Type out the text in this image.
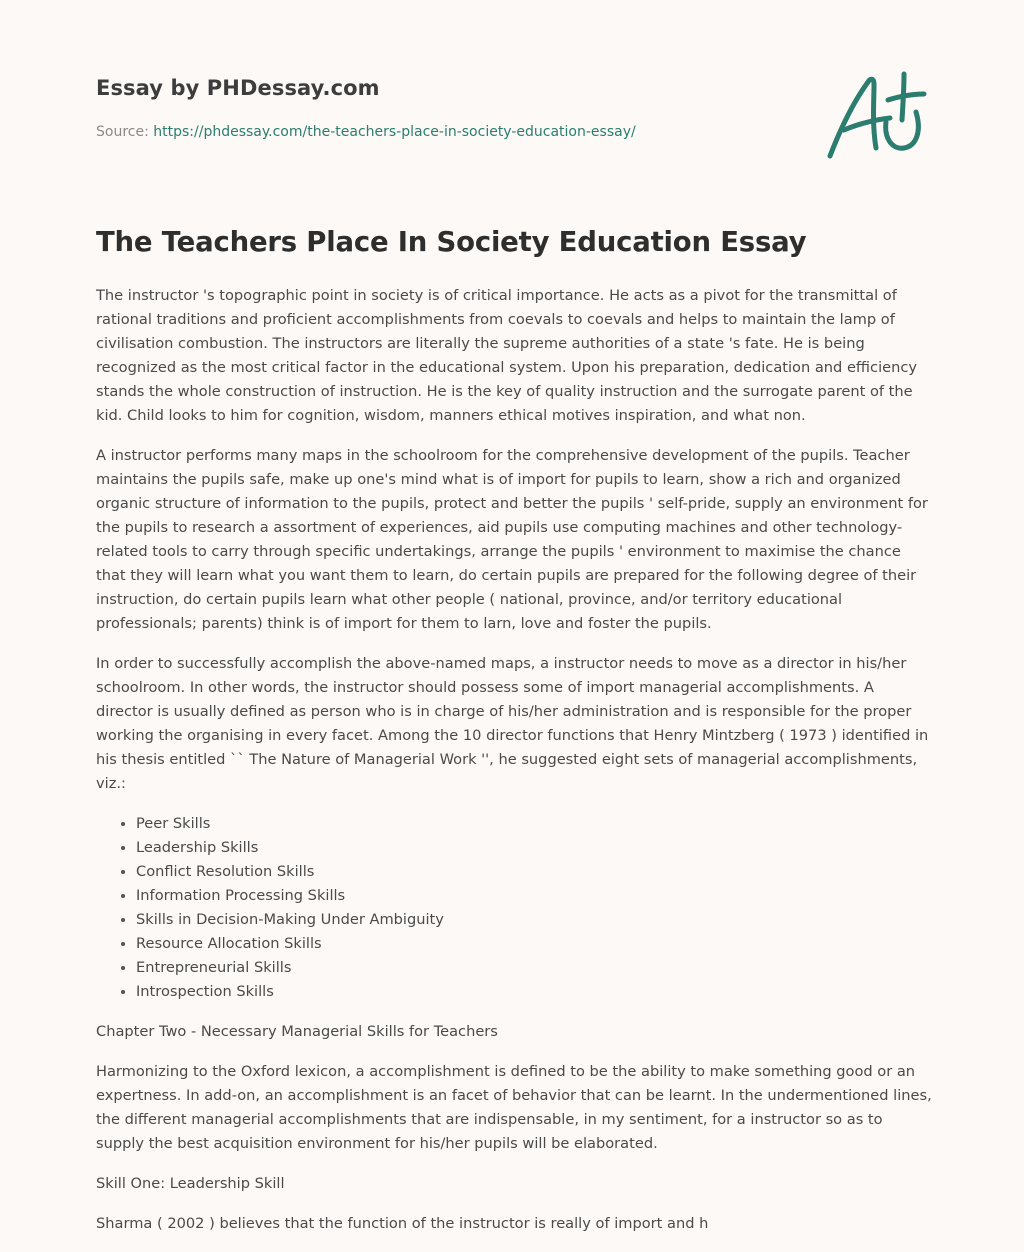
Essay by PHDessay.com

Source: https://phdessay.com/the-teachers-place-in-society-education-essay/

The Teachers Place In Society Education Essay

The instructor 's topographic point in society is of critical importance. He acts as a pivot for the transmittal of rational traditions and proficient accomplishments from coevals to coevals and helps to maintain the lamp of civilisation combustion. The instructors are literally the supreme authorities of a state 's fate. He is being recognized as the most critical factor in the educational system. Upon his preparation, dedication and efficiency stands the whole construction of instruction. He is the key of quality instruction and the surrogate parent of the kid. Child looks to him for cognition, wisdom, manners ethical motives inspiration, and what non.

A instructor performs many maps in the schoolroom for the comprehensive development of the pupils. Teacher maintains the pupils safe, make up one's mind what is of import for pupils to learn, show a rich and organized organic structure of information to the pupils, protect and better the pupils ' self-pride, supply an environment for the pupils to research a assortment of experiences, aid pupils use computing machines and other technology-related tools to carry through specific undertakings, arrange the pupils ' environment to maximise the chance that they will learn what you want them to learn, do certain pupils are prepared for the following degree of their instruction, do certain pupils learn what other people ( national, province, and/or territory educational professionals; parents) think is of import for them to larn, love and foster the pupils.

In order to successfully accomplish the above-named maps, a instructor needs to move as a director in his/her schoolroom. In other words, the instructor should possess some of import managerial accomplishments. A director is usually defined as person who is in charge of his/her administration and is responsible for the proper working the organising in every facet. Among the 10 director functions that Henry Mintzberg ( 1973 ) identified in his thesis entitled `` The Nature of Managerial Work '', he suggested eight sets of managerial accomplishments, viz.:

• Peer Skills
• Leadership Skills
• Conflict Resolution Skills
• Information Processing Skills
• Skills in Decision-Making Under Ambiguity
• Resource Allocation Skills
• Entrepreneurial Skills
• Introspection Skills

Chapter Two - Necessary Managerial Skills for Teachers

Harmonizing to the Oxford lexicon, a accomplishment is defined to be the ability to make something good or an expertness. In add-on, an accomplishment is an facet of behavior that can be learnt. In the undermentioned lines, the different managerial accomplishments that are indispensable, in my sentiment, for a instructor so as to supply the best acquisition environment for his/her pupils will be elaborated.

Skill One: Leadership Skill

Sharma ( 2002 ) believes that the function of the instructor is really of import and h
